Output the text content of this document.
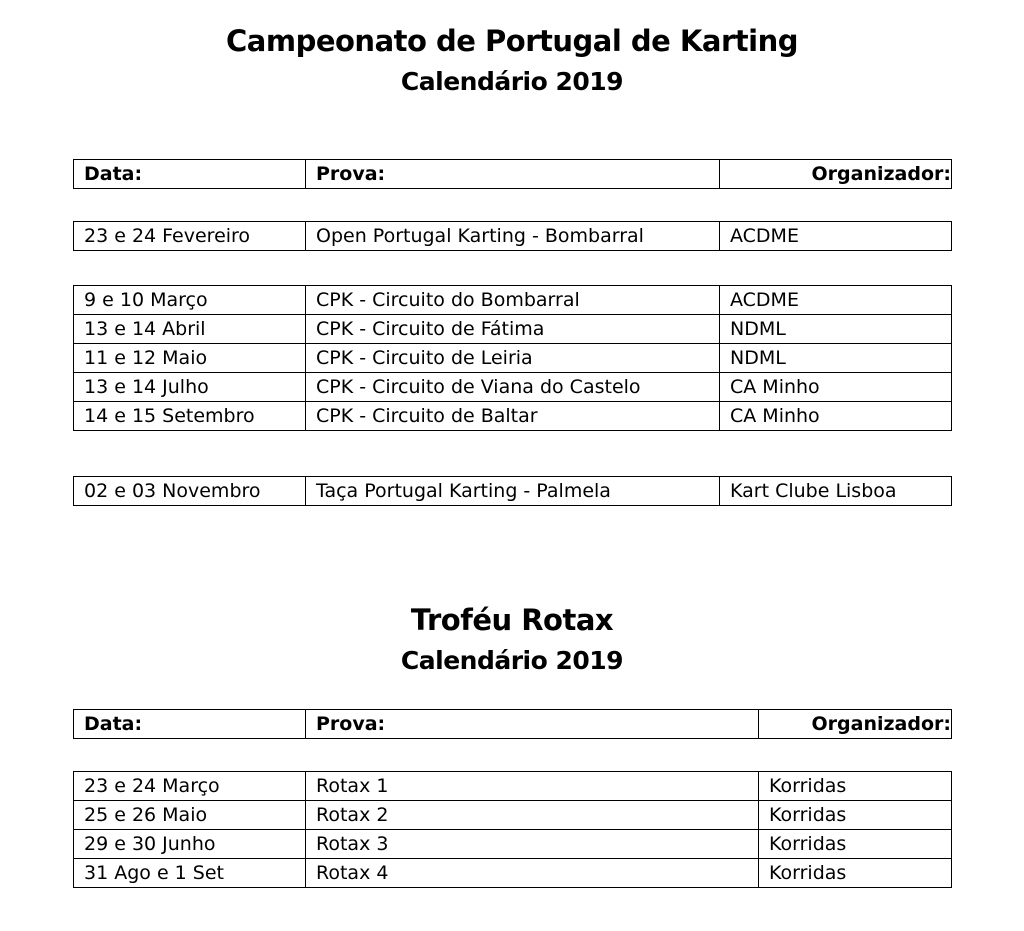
Campeonato de Portugal de Karting
Calendário 2019
Data:	Prova:	Organizador:
23 e 24 Fevereiro	Open Portugal Karting - Bombarral	ACDME
9 e 10 Março	CPK - Circuito do Bombarral	ACDME
13 e 14 Abril	CPK - Circuito de Fátima	NDML
11 e 12 Maio	CPK - Circuito de Leiria	NDML
13 e 14 Julho	CPK - Circuito de Viana do Castelo	CA Minho
14 e 15 Setembro	CPK - Circuito de Baltar	CA Minho
02 e 03 Novembro	Taça Portugal Karting - Palmela	Kart Clube Lisboa
Troféu Rotax
Calendário 2019
Data:	Prova:	Organizador:
23 e 24 Março	Rotax 1	Korridas
25 e 26 Maio	Rotax 2	Korridas
29 e 30 Junho	Rotax 3	Korridas
31 Ago e 1 Set	Rotax 4	Korridas
